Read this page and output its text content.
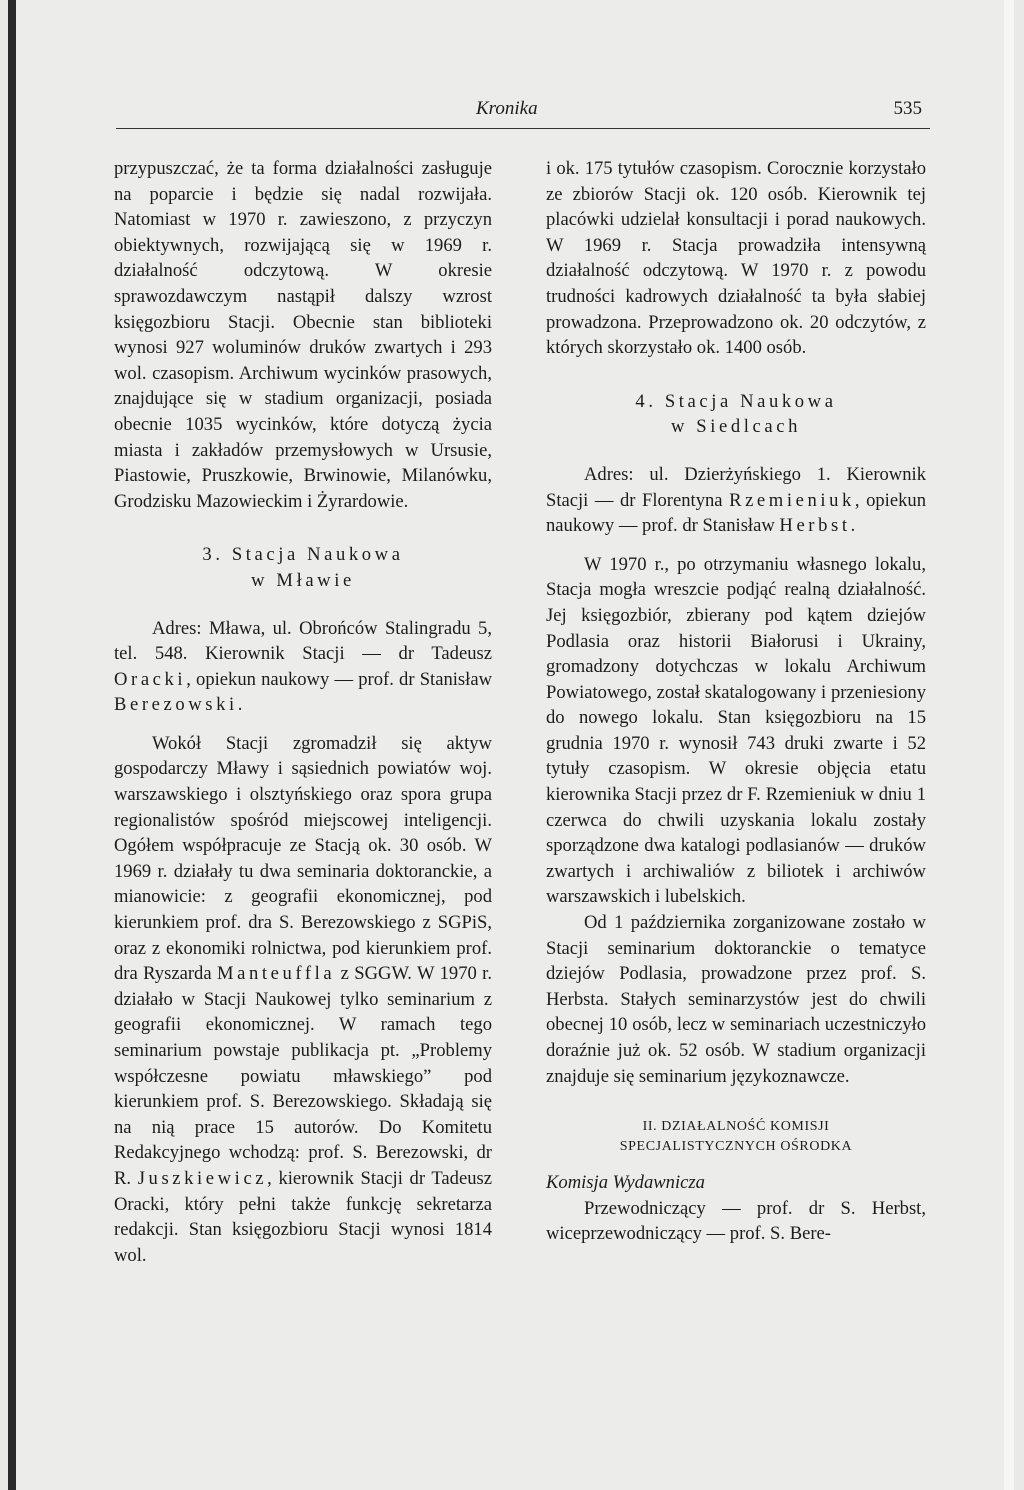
Kronika	535

przypuszczać, że ta forma działalności zasługuje na poparcie i będzie się nadal rozwijała. Natomiast w 1970 r. zawieszono, z przyczyn obiektywnych, rozwijającą się w 1969 r. działalność odczytową. W okresie sprawozdawczym nastąpił dalszy wzrost księgozbioru Stacji. Obecnie stan biblioteki wynosi 927 woluminów druków zwartych i 293 wol. czasopism. Archiwum wycinków prasowych, znajdujące się w stadium organizacji, posiada obecnie 1035 wycinków, które dotyczą życia miasta i zakładów przemysłowych w Ursusie, Piastowie, Pruszkowie, Brwinowie, Milanówku, Grodzisku Mazowieckim i Żyrardowie.

3. Stacja Naukowa

w Mławie

Adres: Mława, ul. Obrońców Stalingradu 5, tel. 548. Kierownik Stacji — dr Tadeusz Oracki, opiekun naukowy — prof. dr Stanisław Berezowski.

Wokół Stacji zgromadził się aktyw gospodarczy Mławy i sąsiednich powiatów woj. warszawskiego i olsztyńskiego oraz spora grupa regionalistów spośród miejscowej inteligencji. Ogółem współpracuje ze Stacją ok. 30 osób. W 1969 r. działały tu dwa seminaria doktoranckie, a mianowicie: z geografii ekonomicznej, pod kierunkiem prof. dra S. Berezowskiego z SGPiS, oraz z ekonomiki rolnictwa, pod kierunkiem prof. dra Ryszarda Manteuffla z SGGW. W 1970 r. działało w Stacji Naukowej tylko seminarium z geografii ekonomicznej. W ramach tego seminarium powstaje publikacja pt. „Problemy współczesne powiatu mławskiego” pod kierunkiem prof. S. Berezowskiego. Składają się na nią prace 15 autorów. Do Komitetu Redakcyjnego wchodzą: prof. S. Berezowski, dr R. Juszkiewicz, kierownik Stacji dr Tadeusz Oracki, który pełni także funkcję sekretarza redakcji. Stan księgozbioru Stacji wynosi 1814 wol.

i ok. 175 tytułów czasopism. Corocznie korzystało ze zbiorów Stacji ok. 120 osób. Kierownik tej placówki udzielał konsultacji i porad naukowych. W 1969 r. Stacja prowadziła intensywną działalność odczytową. W 1970 r. z powodu trudności kadrowych działalność ta była słabiej prowadzona. Przeprowadzono ok. 20 odczytów, z których skorzystało ok. 1400 osób.

4. Stacja Naukowa

w Siedlcach

Adres: ul. Dzierżyńskiego 1. Kierownik Stacji — dr Florentyna Rzemieniuk, opiekun naukowy — prof. dr Stanisław Herbst.

W 1970 r., po otrzymaniu własnego lokalu, Stacja mogła wreszcie podjąć realną działalność. Jej księgozbiór, zbierany pod kątem dziejów Podlasia oraz historii Białorusi i Ukrainy, gromadzony dotychczas w lokalu Archiwum Powiatowego, został skatalogowany i przeniesiony do nowego lokalu. Stan księgozbioru na 15 grudnia 1970 r. wynosił 743 druki zwarte i 52 tytuły czasopism. W okresie objęcia etatu kierownika Stacji przez dr F. Rzemieniuk w dniu 1 czerwca do chwili uzyskania lokalu zostały sporządzone dwa katalogi podlasianów — druków zwartych i archiwaliów z biliotek i archiwów warszawskich i lubelskich.

Od 1 października zorganizowane zostało w Stacji seminarium doktoranckie o tematyce dziejów Podlasia, prowadzone przez prof. S. Herbsta. Stałych seminarzystów jest do chwili obecnej 10 osób, lecz w seminariach uczestniczyło doraźnie już ok. 52 osób. W stadium organizacji znajduje się seminarium językoznawcze.

II. DZIAŁALNOŚĆ KOMISJI

SPECJALISTYCZNYCH OŚRODKA

Komisja Wydawnicza

Przewodniczący — prof. dr S. Herbst, wiceprzewodniczący — prof. S. Bere-
